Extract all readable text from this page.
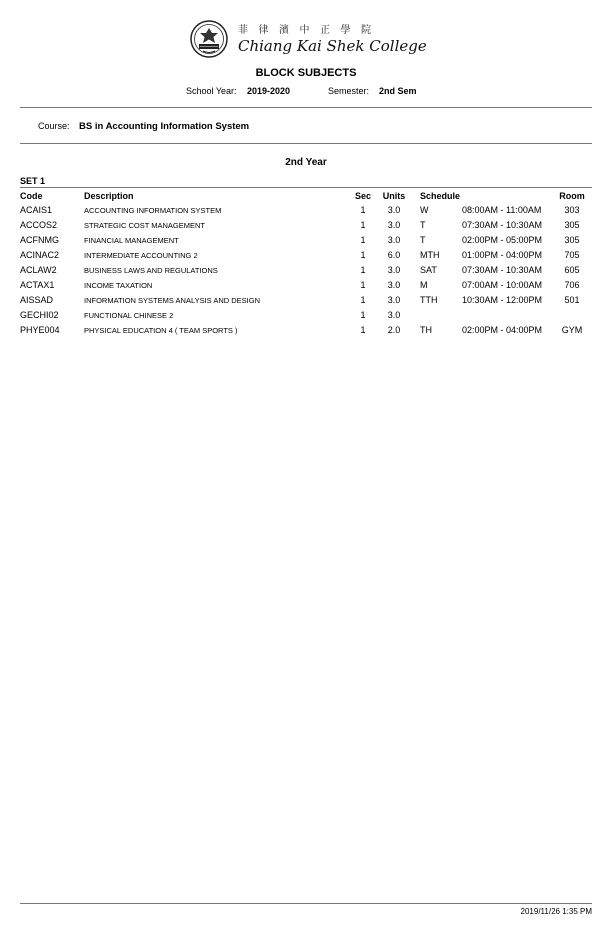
菲律濱中正學院
Chiang Kai Shek College
BLOCK SUBJECTS
School Year: 2019-2020	Semester: 2nd Sem
Course: BS in Accounting Information System
2nd Year
SET 1
Code	Description	Sec Units Schedule	Room
ACAIS1	ACCOUNTING INFORMATION SYSTEM	1	3.0	W	08:00AM - 11:00AM	303
ACCOS2	STRATEGIC COST MANAGEMENT	1	3.0	T	07:30AM - 10:30AM	305
ACFNMG	FINANCIAL MANAGEMENT	1	3.0	T	02:00PM - 05:00PM	305
ACINAC2	INTERMEDIATE ACCOUNTING 2	1	6.0	MTH	01:00PM - 04:00PM	705
ACLAW2	BUSINESS LAWS AND REGULATIONS	1	3.0	SAT	07:30AM - 10:30AM	605
ACTAX1	INCOME TAXATION	1	3.0	M	07:00AM - 10:00AM	706
AISSAD	INFORMATION SYSTEMS ANALYSIS AND DESIGN	1	3.0	TTH	10:30AM - 12:00PM	501
GECHI02	FUNCTIONAL CHINESE 2	1	3.0
PHYE004	PHYSICAL EDUCATION 4 ( TEAM SPORTS )	1	2.0	TH	02:00PM - 04:00PM	GYM
2019/11/26 1:35 PM
